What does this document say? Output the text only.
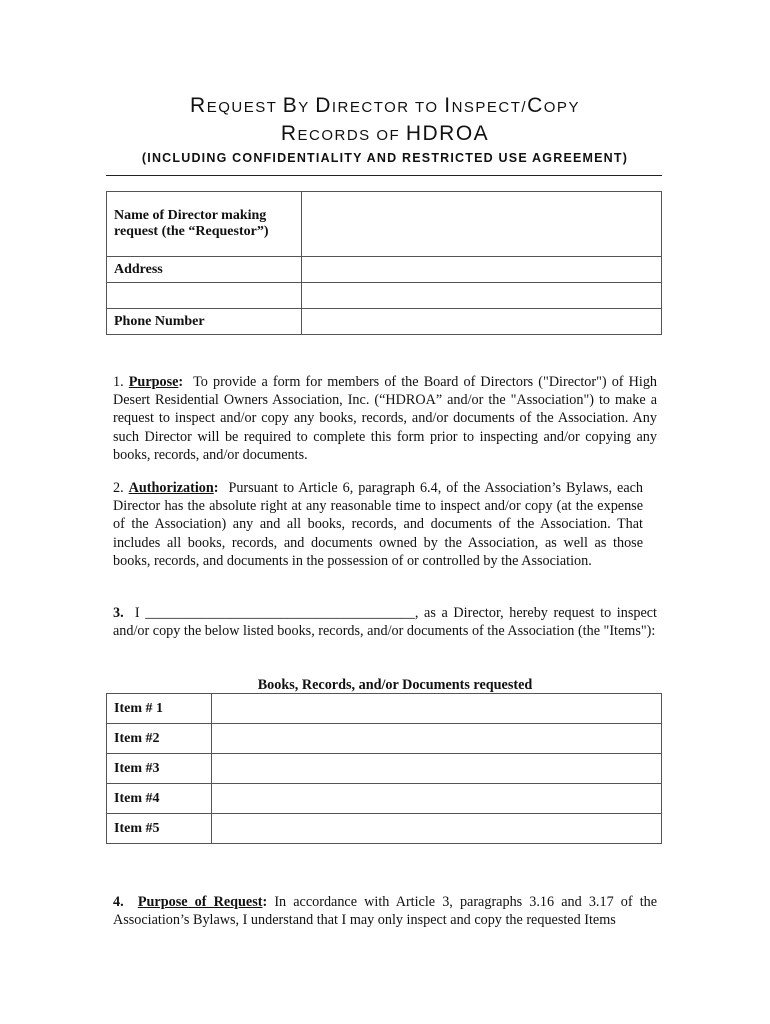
REQUEST BY DIRECTOR TO INSPECT/COPY
RECORDS OF HDROA
(INCLUDING CONFIDENTIALITY AND RESTRICTED USE AGREEMENT)
Name of Director making request (the “Requestor”)	
Address	

Phone Number	

1. Purpose: To provide a form for members of the Board of Directors ("Director") of High Desert Residential Owners Association, Inc. (“HDROA” and/or the "Association") to make a request to inspect and/or copy any books, records, and/or documents of the Association. Any such Director will be required to complete this form prior to inspecting and/or copying any books, records, and/or documents.

2. Authorization: Pursuant to Article 6, paragraph 6.4, of the Association’s Bylaws, each Director has the absolute right at any reasonable time to inspect and/or copy (at the expense of the Association) any and all books, records, and documents of the Association. That includes all books, records, and documents owned by the Association, as well as those books, records, and documents in the possession of or controlled by the Association.

3. I ______________________________________, as a Director, hereby request to inspect and/or copy the below listed books, records, and/or documents of the Association (the "Items"):

Books, Records, and/or Documents requested
Item # 1	
Item #2	
Item #3	
Item #4	
Item #5	

4. Purpose of Request: In accordance with Article 3, paragraphs 3.16 and 3.17 of the Association’s Bylaws, I understand that I may only inspect and copy the requested Items
